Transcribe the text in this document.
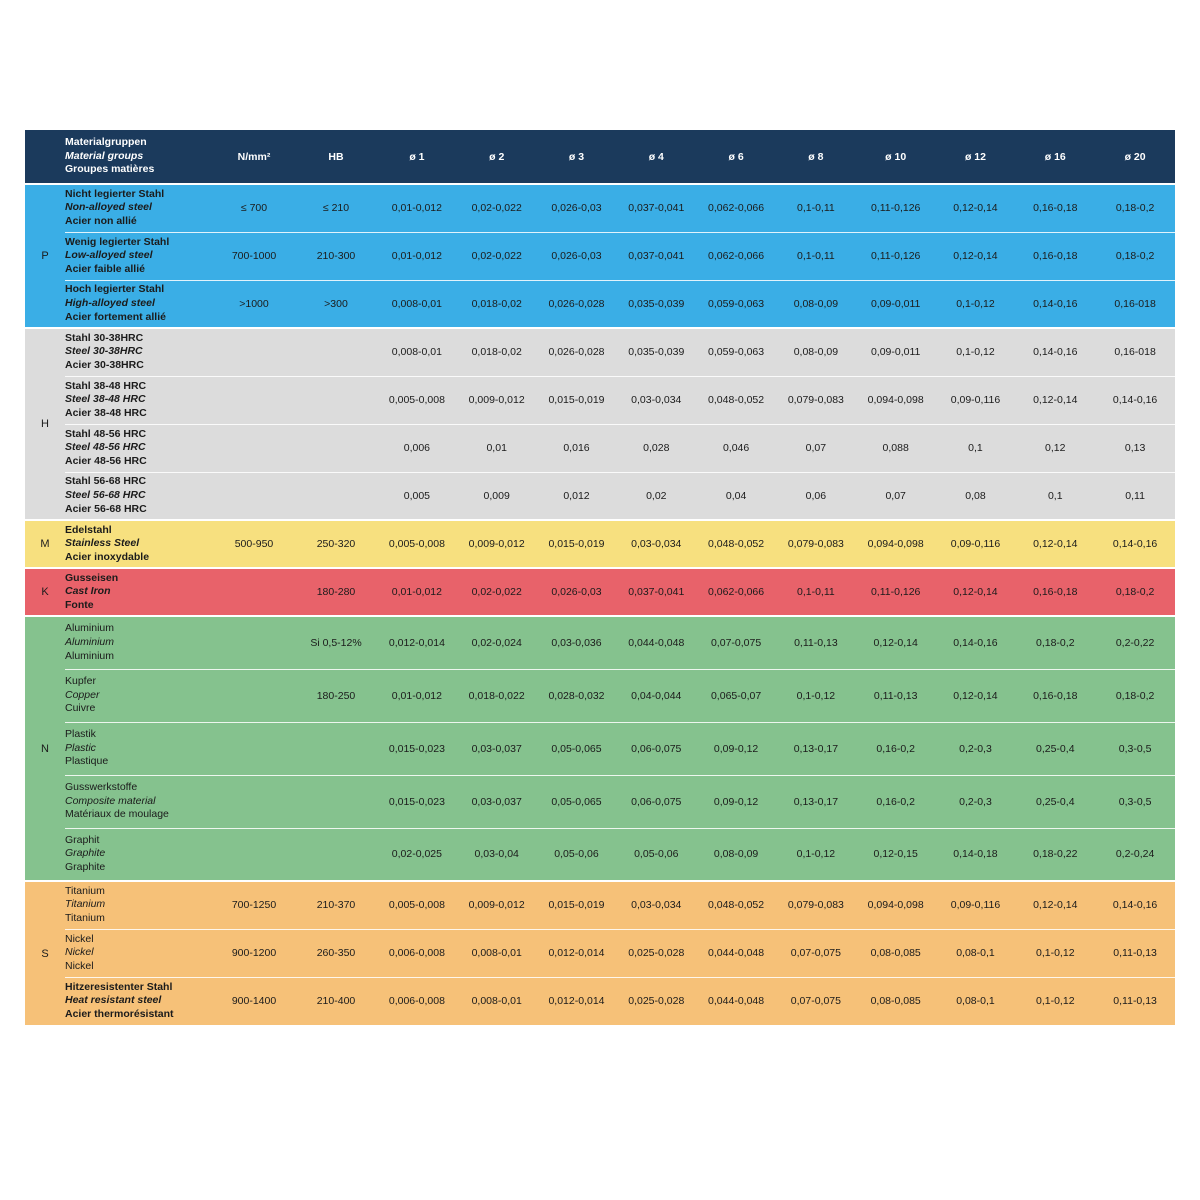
	Materialgruppen
Material groups
Groupes matières	N/mm²	HB	ø 1	ø 2	ø 3	ø 4	ø 6	ø 8	ø 10	ø 12	ø 16	ø 20
P	Nicht legierter Stahl
Non-alloyed steel
Acier non allié	≤ 700	≤ 210	0,01-0,012	0,02-0,022	0,026-0,03	0,037-0,041	0,062-0,066	0,1-0,11	0,11-0,126	0,12-0,14	0,16-0,18	0,18-0,2

	Wenig legierter Stahl
Low-alloyed steel
Acier faible allié	700-1000	210-300	0,01-0,012	0,02-0,022	0,026-0,03	0,037-0,041	0,062-0,066	0,1-0,11	0,11-0,126	0,12-0,14	0,16-0,18	0,18-0,2

	Hoch legierter Stahl
High-alloyed steel
Acier fortement allié	>1000	>300	0,008-0,01	0,018-0,02	0,026-0,028	0,035-0,039	0,059-0,063	0,08-0,09	0,09-0,011	0,1-0,12	0,14-0,16	0,16-018
H	Stahl 30-38HRC
Steel 30-38HRC
Acier 30-38HRC			0,008-0,01	0,018-0,02	0,026-0,028	0,035-0,039	0,059-0,063	0,08-0,09	0,09-0,011	0,1-0,12	0,14-0,16	0,16-018

	Stahl 38-48 HRC
Steel 38-48 HRC
Acier 38-48 HRC			0,005-0,008	0,009-0,012	0,015-0,019	0,03-0,034	0,048-0,052	0,079-0,083	0,094-0,098	0,09-0,116	0,12-0,14	0,14-0,16

	Stahl 48-56 HRC
Steel 48-56 HRC
Acier 48-56 HRC			0,006	0,01	0,016	0,028	0,046	0,07	0,088	0,1	0,12	0,13

	Stahl 56-68 HRC
Steel 56-68 HRC
Acier 56-68 HRC			0,005	0,009	0,012	0,02	0,04	0,06	0,07	0,08	0,1	0,11
M	Edelstahl
Stainless Steel
Acier inoxydable	500-950	250-320	0,005-0,008	0,009-0,012	0,015-0,019	0,03-0,034	0,048-0,052	0,079-0,083	0,094-0,098	0,09-0,116	0,12-0,14	0,14-0,16
K	Gusseisen
Cast Iron
Fonte		180-280	0,01-0,012	0,02-0,022	0,026-0,03	0,037-0,041	0,062-0,066	0,1-0,11	0,11-0,126	0,12-0,14	0,16-0,18	0,18-0,2
N	Aluminium
Aluminium
Aluminium		Si 0,5-12%	0,012-0,014	0,02-0,024	0,03-0,036	0,044-0,048	0,07-0,075	0,11-0,13	0,12-0,14	0,14-0,16	0,18-0,2	0,2-0,22

	Kupfer
Copper
Cuivre		180-250	0,01-0,012	0,018-0,022	0,028-0,032	0,04-0,044	0,065-0,07	0,1-0,12	0,11-0,13	0,12-0,14	0,16-0,18	0,18-0,2

	Plastik
Plastic
Plastique			0,015-0,023	0,03-0,037	0,05-0,065	0,06-0,075	0,09-0,12	0,13-0,17	0,16-0,2	0,2-0,3	0,25-0,4	0,3-0,5

	Gusswerkstoffe
Composite material
Matériaux de moulage			0,015-0,023	0,03-0,037	0,05-0,065	0,06-0,075	0,09-0,12	0,13-0,17	0,16-0,2	0,2-0,3	0,25-0,4	0,3-0,5

	Graphit
Graphite
Graphite			0,02-0,025	0,03-0,04	0,05-0,06	0,05-0,06	0,08-0,09	0,1-0,12	0,12-0,15	0,14-0,18	0,18-0,22	0,2-0,24
S	Titanium
Titanium
Titanium	700-1250	210-370	0,005-0,008	0,009-0,012	0,015-0,019	0,03-0,034	0,048-0,052	0,079-0,083	0,094-0,098	0,09-0,116	0,12-0,14	0,14-0,16

	Nickel
Nickel
Nickel	900-1200	260-350	0,006-0,008	0,008-0,01	0,012-0,014	0,025-0,028	0,044-0,048	0,07-0,075	0,08-0,085	0,08-0,1	0,1-0,12	0,11-0,13

	Hitzeresistenter Stahl
Heat resistant steel
Acier thermorésistant	900-1400	210-400	0,006-0,008	0,008-0,01	0,012-0,014	0,025-0,028	0,044-0,048	0,07-0,075	0,08-0,085	0,08-0,1	0,1-0,12	0,11-0,13
